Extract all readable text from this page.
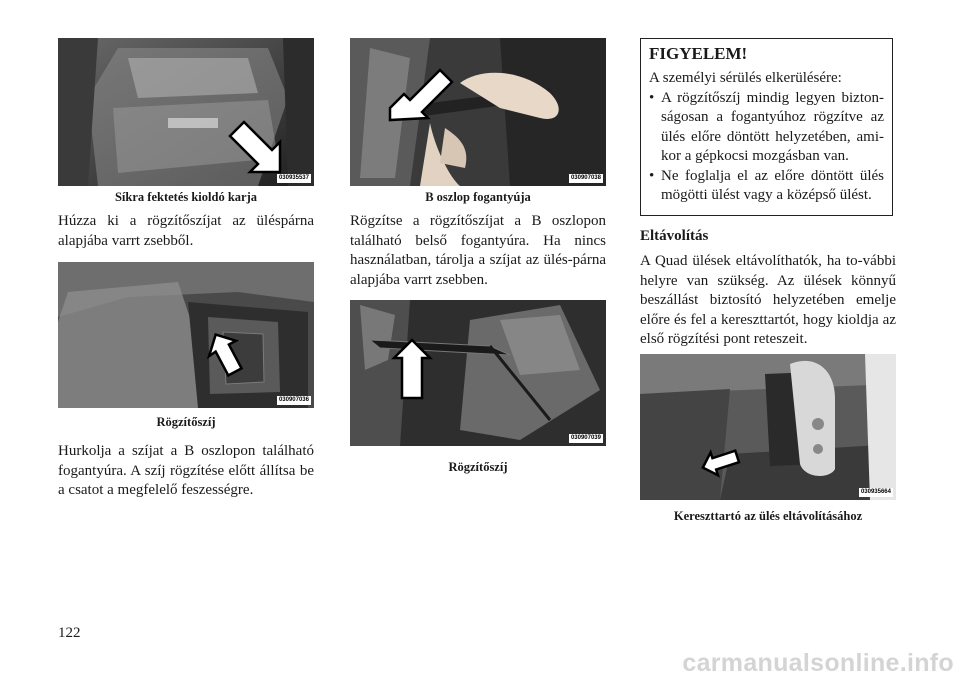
030935537
Síkra fektetés kioldó karja

Húzza ki a rögzítőszíjat az üléspárna alapjába varrt zsebből.

030907036
Rögzítőszíj

Hurkolja a szíjat a B oszlopon található fogantyúra. A szíj rögzítése előtt állítsa be a csatot a megfelelő feszességre.

030907038
B oszlop fogantyúja

Rögzítse a rögzítőszíjat a B oszlopon található belső fogantyúra. Ha nincs használatban, tárolja a szíjat az ülés-párna alapjába varrt zsebben.

030907039
Rögzítőszíj

FIGYELEM!

A személyi sérülés elkerülésére:

• A rögzítőszíj mindig legyen bizton-ságosan a fogantyúhoz rögzítve az ülés előre döntött helyzetében, ami-kor a gépkocsi mozgásban van.
• Ne foglalja el az előre döntött ülés mögötti ülést vagy a középső ülést.

Eltávolítás

A Quad ülések eltávolíthatók, ha to-vábbi helyre van szükség. Az ülések könnyű beszállást biztosító helyzetében emelje előre és fel a kereszttartót, hogy kioldja az első rögzítési pont reteszeit.

030935664
Kereszttartó az ülés eltávolításához
122
carmanualsonline.info
